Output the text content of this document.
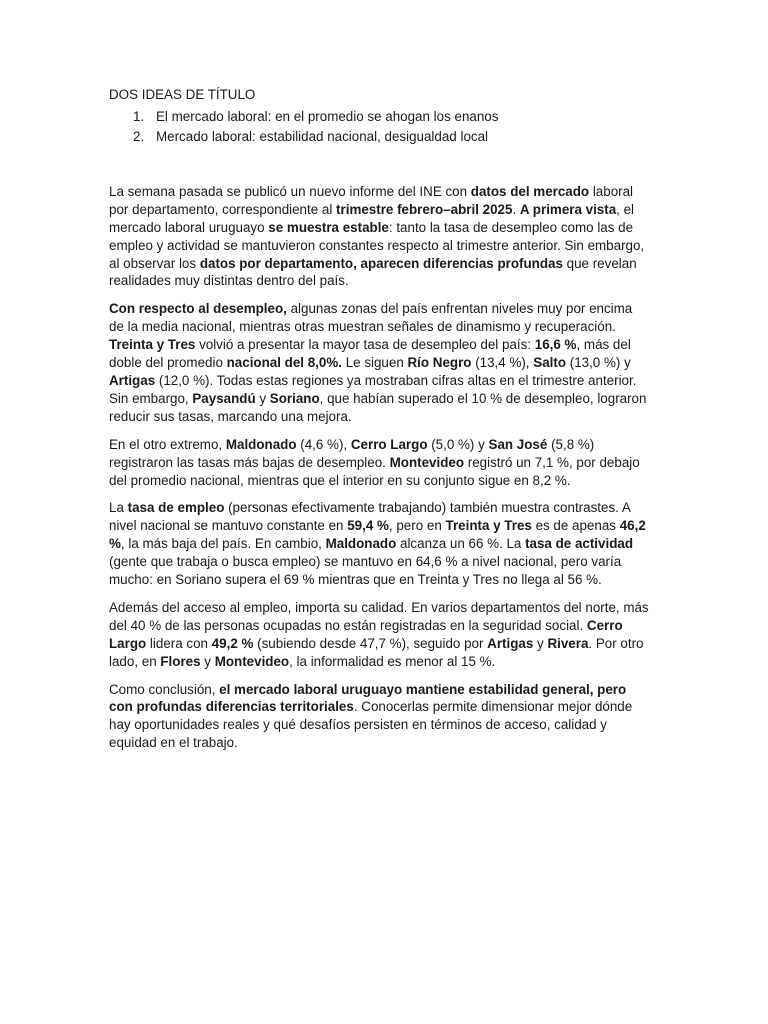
DOS IDEAS DE TÍTULO
1. El mercado laboral: en el promedio se ahogan los enanos
2. Mercado laboral: estabilidad nacional, desigualdad local

La semana pasada se publicó un nuevo informe del INE con datos del mercado laboral por departamento, correspondiente al trimestre febrero–abril 2025. A primera vista, el mercado laboral uruguayo se muestra estable: tanto la tasa de desempleo como las de empleo y actividad se mantuvieron constantes respecto al trimestre anterior. Sin embargo, al observar los datos por departamento, aparecen diferencias profundas que revelan realidades muy distintas dentro del país.

Con respecto al desempleo, algunas zonas del país enfrentan niveles muy por encima de la media nacional, mientras otras muestran señales de dinamismo y recuperación. Treinta y Tres volvió a presentar la mayor tasa de desempleo del país: 16,6 %, más del doble del promedio nacional del 8,0%. Le siguen Río Negro (13,4 %), Salto (13,0 %) y Artigas (12,0 %). Todas estas regiones ya mostraban cifras altas en el trimestre anterior. Sin embargo, Paysandú y Soriano, que habían superado el 10 % de desempleo, lograron reducir sus tasas, marcando una mejora.

En el otro extremo, Maldonado (4,6 %), Cerro Largo (5,0 %) y San José (5,8 %) registraron las tasas más bajas de desempleo. Montevideo registró un 7,1 %, por debajo del promedio nacional, mientras que el interior en su conjunto sigue en 8,2 %.

La tasa de empleo (personas efectivamente trabajando) también muestra contrastes. A nivel nacional se mantuvo constante en 59,4 %, pero en Treinta y Tres es de apenas 46,2 %, la más baja del país. En cambio, Maldonado alcanza un 66 %. La tasa de actividad (gente que trabaja o busca empleo) se mantuvo en 64,6 % a nivel nacional, pero varía mucho: en Soriano supera el 69 % mientras que en Treinta y Tres no llega al 56 %.

Además del acceso al empleo, importa su calidad. En varios departamentos del norte, más del 40 % de las personas ocupadas no están registradas en la seguridad social. Cerro Largo lidera con 49,2 % (subiendo desde 47,7 %), seguido por Artigas y Rivera. Por otro lado, en Flores y Montevideo, la informalidad es menor al 15 %.

Como conclusión, el mercado laboral uruguayo mantiene estabilidad general, pero con profundas diferencias territoriales. Conocerlas permite dimensionar mejor dónde hay oportunidades reales y qué desafíos persisten en términos de acceso, calidad y equidad en el trabajo.
